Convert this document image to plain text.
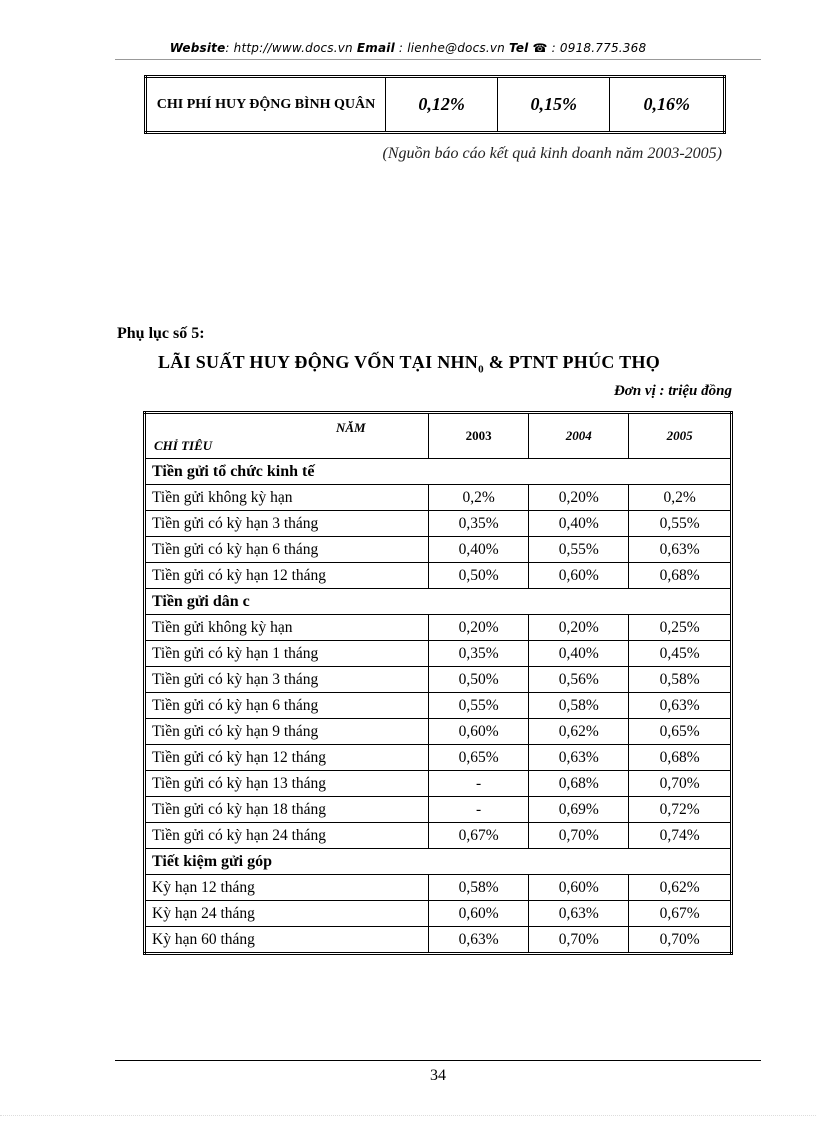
Website: http://www.docs.vn Email : lienhe@docs.vn Tel ☎ : 0918.775.368
CHI PHÍ HUY ĐỘNG BÌNH QUÂN	0,12%	0,15%	0,16%
(Nguồn báo cáo kết quả kinh doanh năm 2003-2005)
Phụ lục số 5:
LÃI SUẤT HUY ĐỘNG VỐN TẠI $NHN_0$ & PTNT PHÚC THỌ
Đơn vị : triệu đồng
NĂM
CHỈ TIÊU	2003	2004	2005
Tiền gửi tổ chức kinh tế			
Tiền gửi không kỳ hạn	0,2%	0,20%	0,2%
Tiền gửi có kỳ hạn 3 tháng	0,35%	0,40%	0,55%
Tiền gửi có kỳ hạn 6 tháng	0,40%	0,55%	0,63%
Tiền gửi có kỳ hạn 12 tháng	0,50%	0,60%	0,68%
Tiền gửi dân c			
Tiền gửi không kỳ hạn	0,20%	0,20%	0,25%
Tiền gửi có kỳ hạn 1 tháng	0,35%	0,40%	0,45%
Tiền gửi có kỳ hạn 3 tháng	0,50%	0,56%	0,58%
Tiền gửi có kỳ hạn 6 tháng	0,55%	0,58%	0,63%
Tiền gửi có kỳ hạn 9 tháng	0,60%	0,62%	0,65%
Tiền gửi có kỳ hạn 12 tháng	0,65%	0,63%	0,68%
Tiền gửi có kỳ hạn 13 tháng	-	0,68%	0,70%
Tiền gửi có kỳ hạn 18 tháng	-	0,69%	0,72%
Tiền gửi có kỳ hạn 24 tháng	0,67%	0,70%	0,74%
Tiết kiệm gửi góp			
Kỳ hạn 12 tháng	0,58%	0,60%	0,62%
Kỳ hạn 24 tháng	0,60%	0,63%	0,67%
Kỳ hạn 60 tháng	0,63%	0,70%	0,70%
34
